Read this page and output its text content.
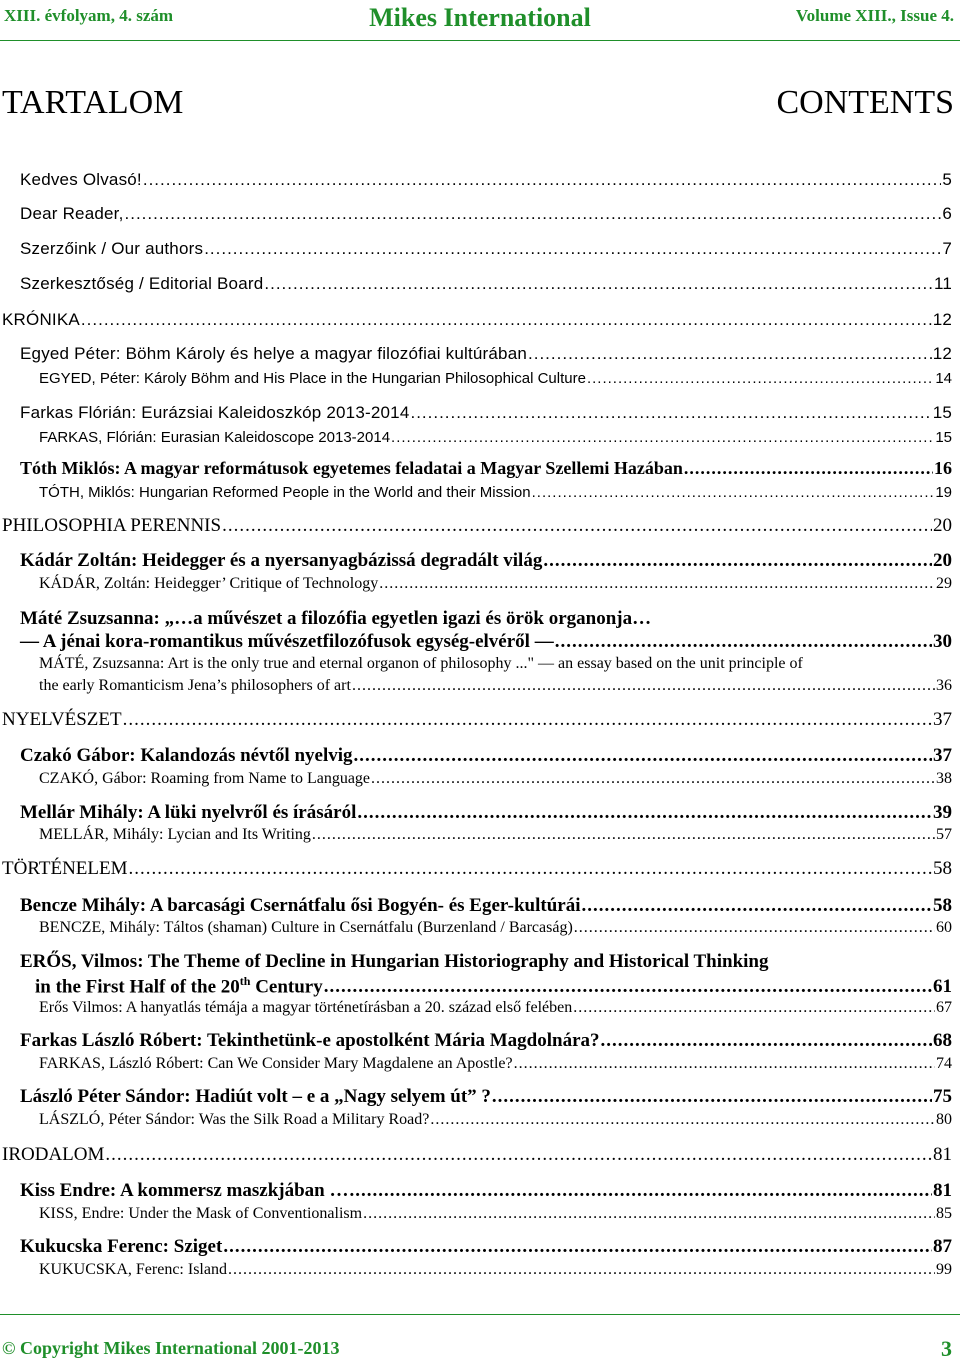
XIII. évfolyam, 4. szám	Mikes International	Volume XIII., Issue 4.
TARTALOM	CONTENTS
Kedves Olvasó! .....	5
Dear Reader, .....	6
Szerzőink / Our authors .....	7
Szerkesztőség / Editorial Board .....	11
KRÓNIKA .....	12
Egyed Péter: Böhm Károly és helye a magyar filozófiai kultúrában .....	12
EGYED, Péter: Károly Böhm and His Place in the Hungarian Philosophical Culture .....	14
Farkas Flórián: Eurázsiai Kaleidoszkóp 2013-2014 .....	15
FARKAS, Flórián: Eurasian Kaleidoscope 2013-2014 .....	15
Tóth Miklós: A magyar reformátusok egyetemes feladatai a Magyar Szellemi Hazában .....	16
TÓTH, Miklós: Hungarian Reformed People in the World and their Mission .....	19
PHILOSOPHIA PERENNIS .....	20
Kádár Zoltán: Heidegger és a nyersanyagbázissá degradált világ .....	20
KÁDÁR, Zoltán: Heidegger’ Critique of Technology .....	29
Máté Zsuzsanna: „…a művészet a filozófia egyetlen igazi és örök organonja…
— A jénai kora-romantikus művészetfilozófusok egység-elvéről — .....	30
MÁTÉ, Zsuzsanna: Art is the only true and eternal organon of philosophy ..." — an essay based on the unit principle of
the early Romanticism Jena’s philosophers of art .....	36
NYELVÉSZET .....	37
Czakó Gábor: Kalandozás névtől nyelvig .....	37
CZAKÓ, Gábor: Roaming from Name to Language .....	38
Mellár Mihály: A lüki nyelvről és írásáról .....	39
MELLÁR, Mihály: Lycian and Its Writing .....	57
TÖRTÉNELEM .....	58
Bencze Mihály: A barcasági Csernátfalu ősi Bogyén- és Eger-kultúrái .....	58
BENCZE, Mihály: Táltos (shaman) Culture in Csernátfalu (Burzenland / Barcaság) .....	60
ERŐS, Vilmos: The Theme of Decline in Hungarian Historiography and Historical Thinking
in the First Half of the 20th Century .....	61
Erős Vilmos: A hanyatlás témája a magyar történetírásban a 20. század első felében .....	67
Farkas László Róbert: Tekinthetünk-e apostolként Mária Magdolnára? .....	68
FARKAS, László Róbert: Can We Consider Mary Magdalene an Apostle? .....	74
László Péter Sándor: Hadiút volt – e a „Nagy selyem út” ? .....	75
LÁSZLÓ, Péter Sándor: Was the Silk Road a Military Road? .....	80
IRODALOM .....	81
Kiss Endre: A kommersz maszkjában … .....	81
KISS, Endre: Under the Mask of Conventionalism .....	85
Kukucska Ferenc: Sziget .....	87
KUKUCSKA, Ferenc: Island .....	99
© Copyright Mikes International 2001-2013	3
